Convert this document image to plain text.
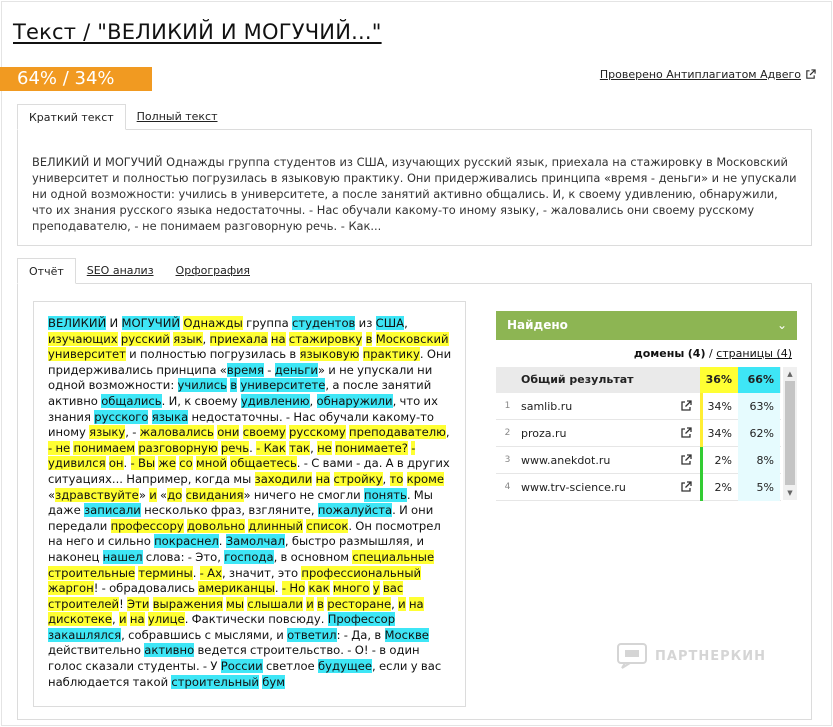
Текст / "ВЕЛИКИЙ И МОГУЧИЙ..."
64% / 34%	Проверено Антиплагиатом Адвего
Краткий текст	Полный текст
ВЕЛИКИЙ И МОГУЧИЙ Однажды группа студентов из США, изучающих русский язык, приехала на стажировку в Московский университет и полностью погрузилась в языковую практику. Они придерживались принципа «время - деньги» и не упускали ни одной возможности: учились в университете, а после занятий активно общались. И, к своему удивлению, обнаружили, что их знания русского языка недостаточны. - Нас обучали какому-то иному языку, - жаловались они своему русскому преподавателю, - не понимаем разговорную речь. - Как...
Отчёт	SEO анализ	Орфография
ВЕЛИКИЙ И МОГУЧИЙ Однажды группа студентов из США, изучающих русский язык, приехала на стажировку в Московский университет и полностью погрузилась в языковую практику. Они придерживались принципа «время - деньги» и не упускали ни одной возможности: учились в университете, а после занятий активно общались. И, к своему удивлению, обнаружили, что их знания русского языка недостаточны. - Нас обучали какому-то иному языку, - жаловались они своему русскому преподавателю, - не понимаем разговорную речь. - Как так, не понимаете? - удивился он. - Вы же со мной общаетесь. - С вами - да. А в других ситуациях... Например, когда мы заходили на стройку, то кроме «здравствуйте» и «до свидания» ничего не смогли понять. Мы даже записали несколько фраз, взгляните, пожалуйста. И они передали профессору довольно длинный список. Он посмотрел на него и сильно покраснел. Замолчал, быстро размышляя, и наконец нашел слова: - Это, господа, в основном специальные строительные термины. - Ах, значит, это профессиональный жаргон! - обрадовались американцы. - Но как много у вас строителей! Эти выражения мы слышали и в ресторане, и на дискотеке, и на улице. Фактически повсюду. Профессор закашлялся, собравшись с мыслями, и ответил: - Да, в Москве действительно активно ведется строительство. - О! - в один голос сказали студенты. - У России светлое будущее, если у вас наблюдается такой строительный бум
Найдено	⌄
домены (4) / страницы (4)
Общий результат	36%	66%
1 samlib.ru	34%	63%
2 proza.ru	34%	62%
3 www.anekdot.ru	2%	8%
4 www.trv-science.ru	2%	5%
▲
▼
ПАРТНЕРКИН
